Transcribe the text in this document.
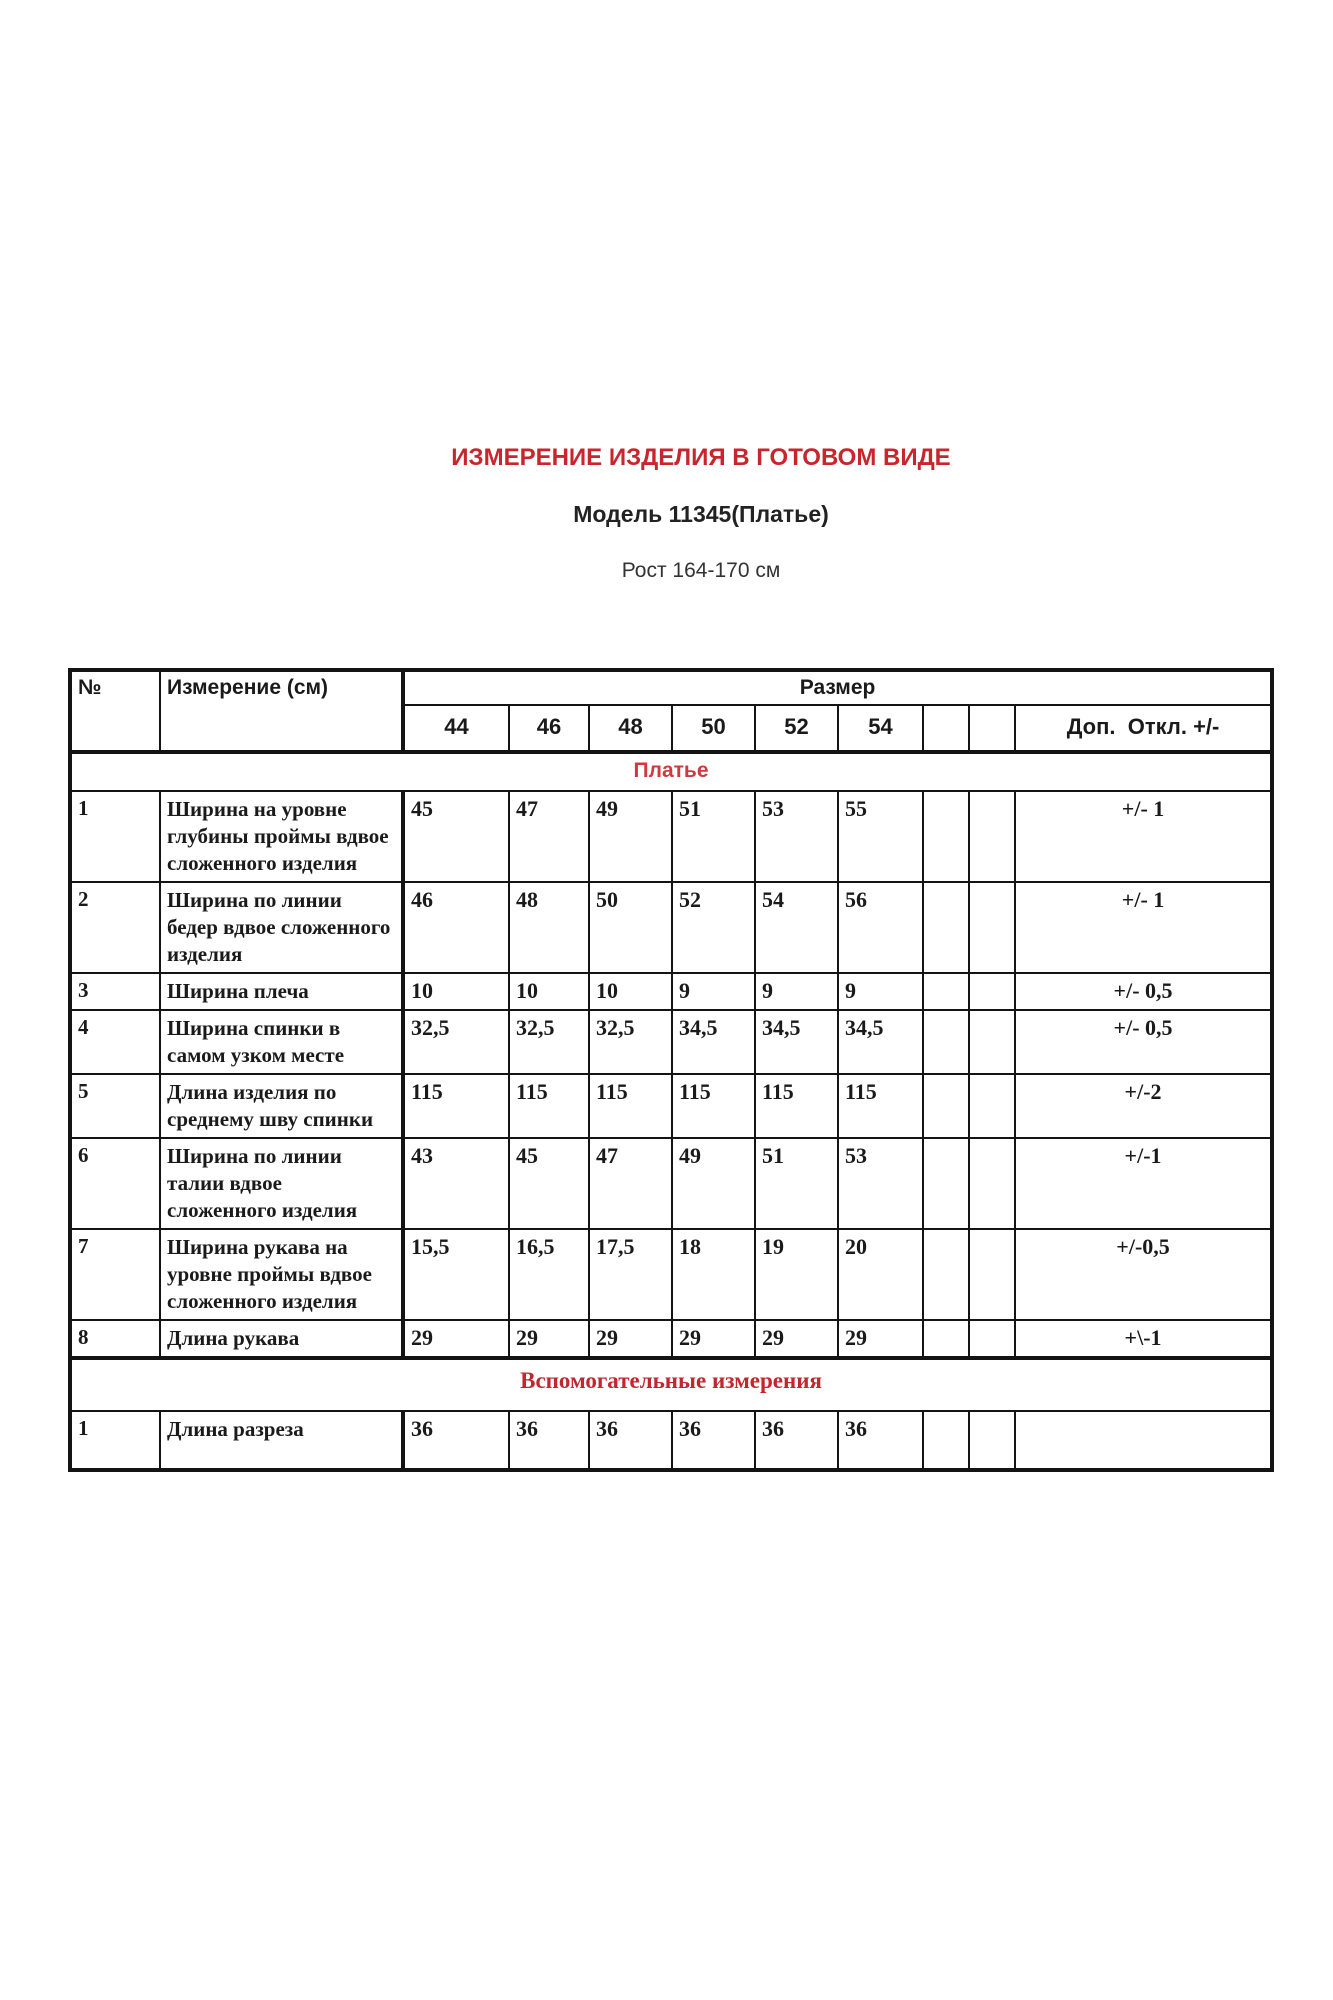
ИЗМЕРЕНИЕ ИЗДЕЛИЯ В ГОТОВОМ ВИДЕ
Модель 11345(Платье)
Рост 164-170 см
№	Измерение (см)	Размер								
		44	46	48	50	52	54			Доп.  Откл. +/-
Платье										
1	Ширина на уровне глубины проймы вдвое сложенного изделия	45	47	49	51	53	55			+/- 1
2	Ширина по линии бедер вдвое сложенного изделия	46	48	50	52	54	56			+/- 1
3	Ширина плеча	10	10	10	9	9	9			+/- 0,5
4	Ширина спинки в самом узком месте	32,5	32,5	32,5	34,5	34,5	34,5			+/- 0,5
5	Длина изделия по среднему шву спинки	115	115	115	115	115	115			+/-2
6	Ширина по линии талии вдвое сложенного изделия	43	45	47	49	51	53			+/-1
7	Ширина рукава на уровне проймы вдвое сложенного изделия	15,5	16,5	17,5	18	19	20			+/-0,5
8	Длина рукава	29	29	29	29	29	29			+\-1
Вспомогательные измерения										
1	Длина разреза	36	36	36	36	36	36			
